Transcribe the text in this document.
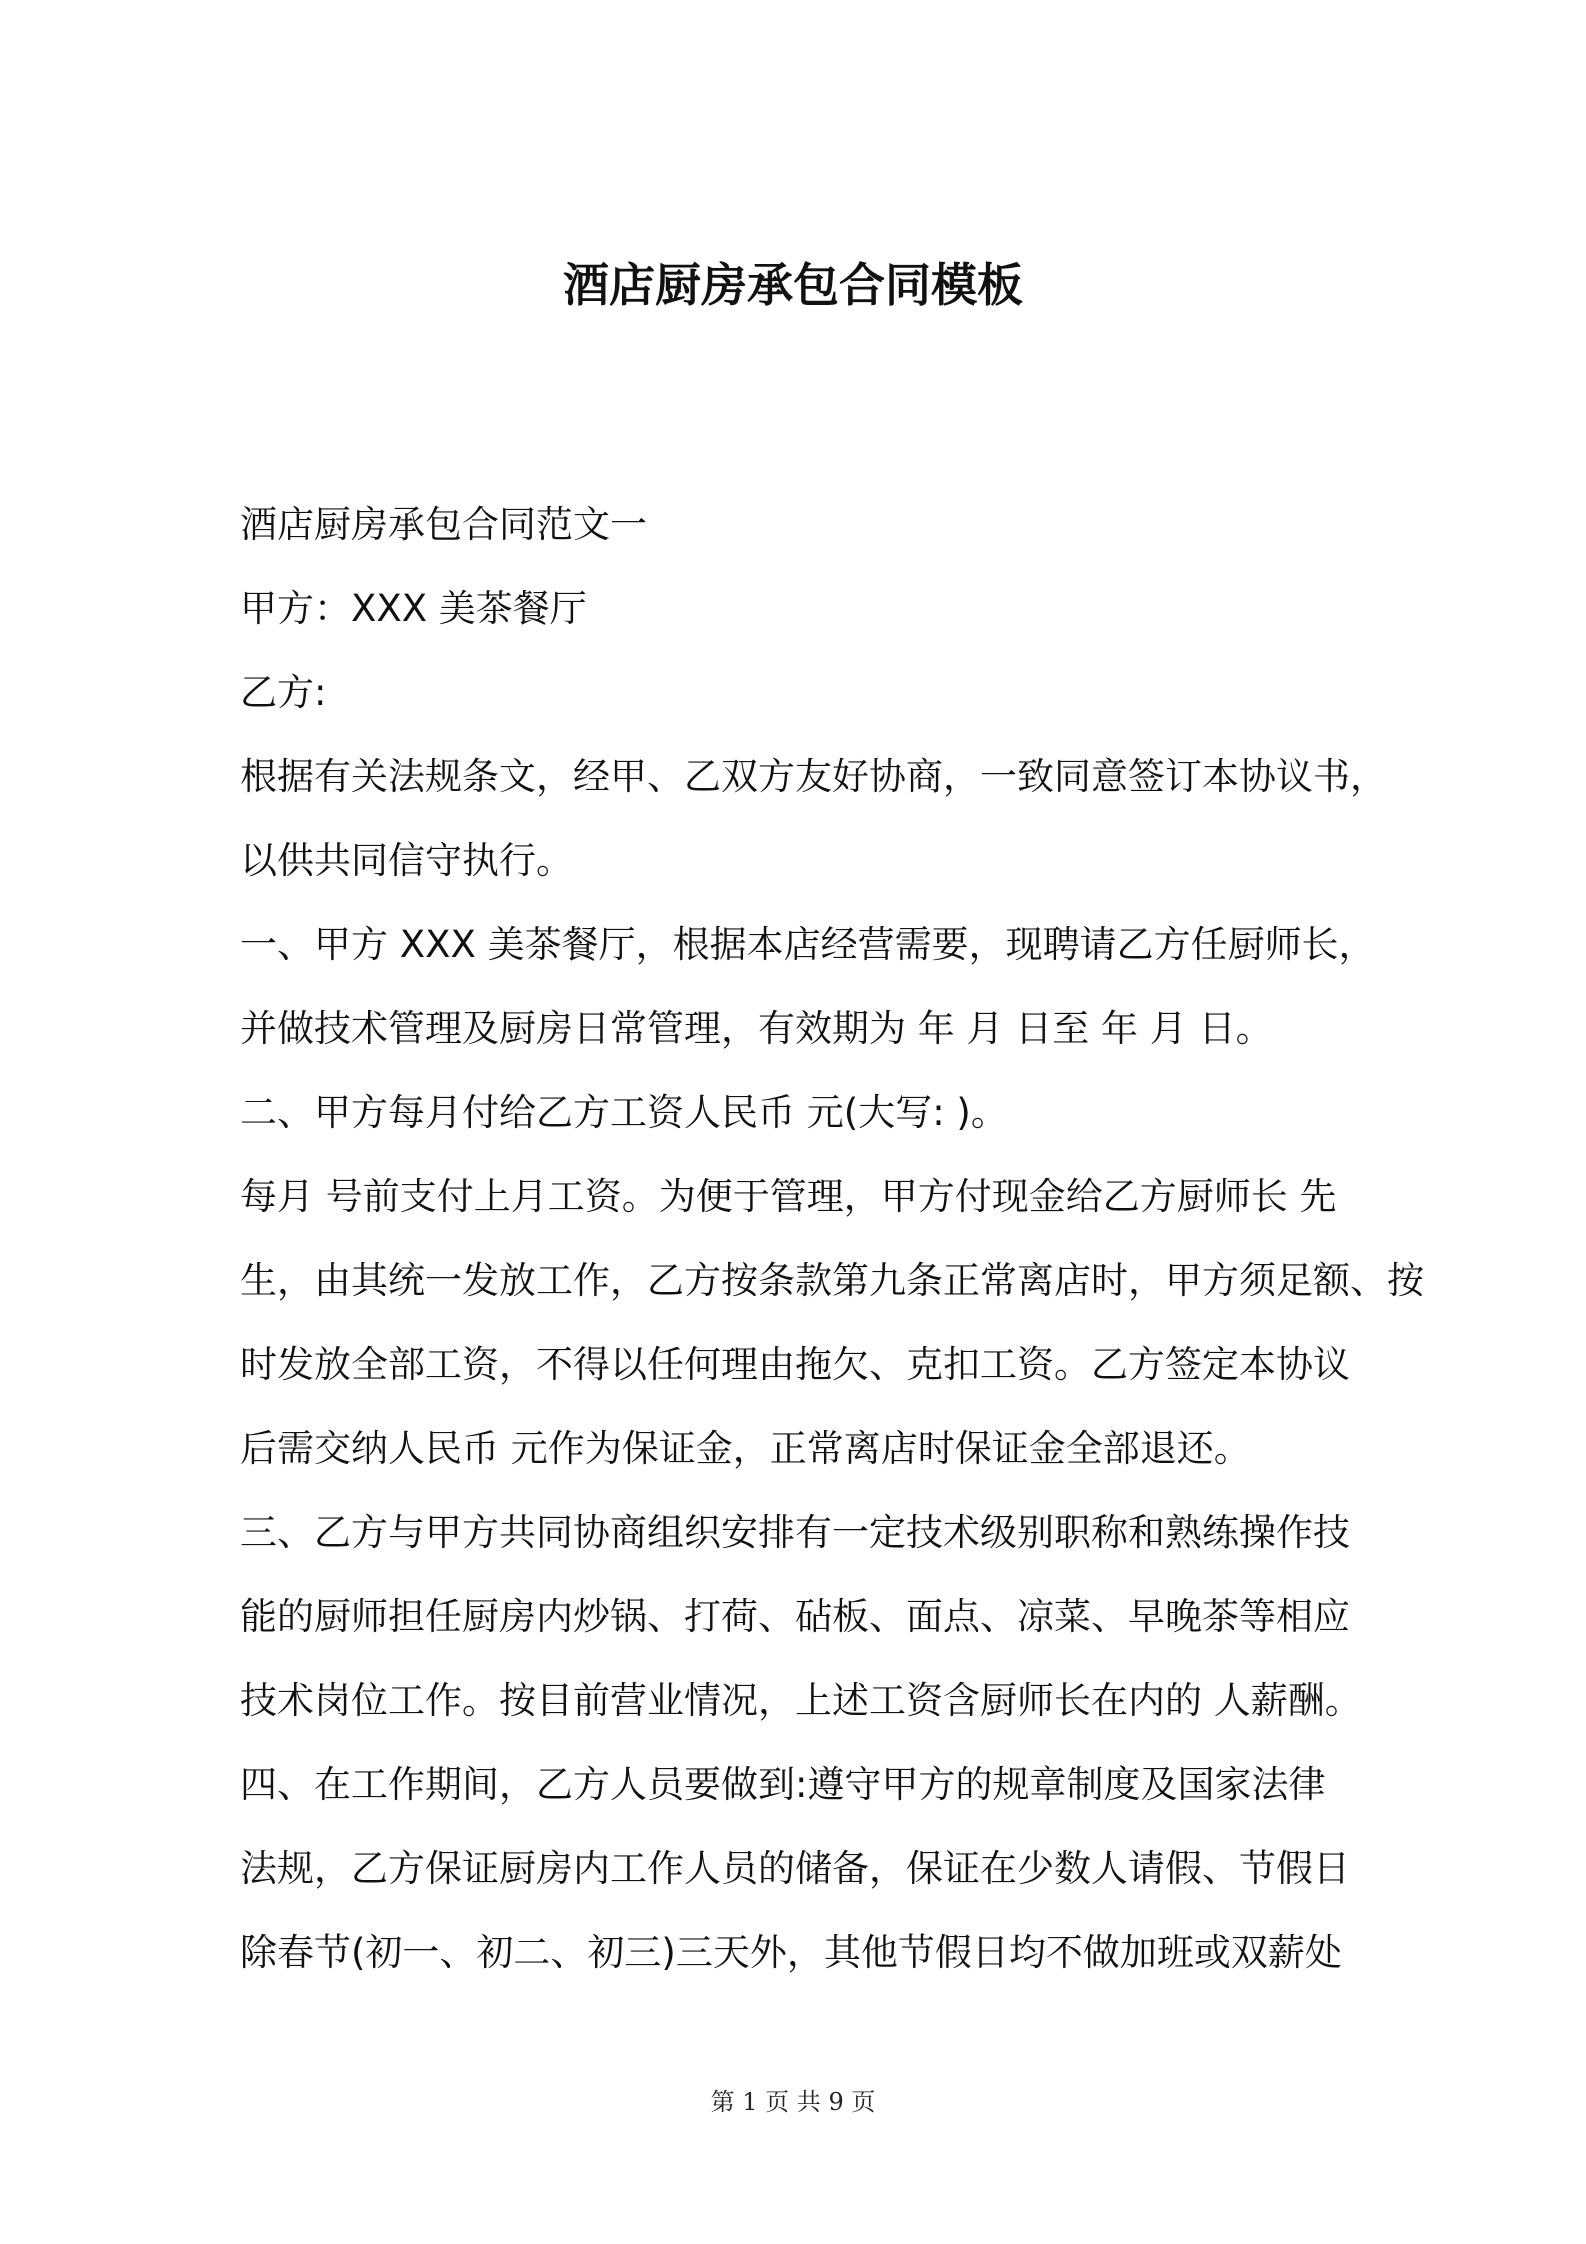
酒店厨房承包合同模板

酒店厨房承包合同范文一

甲方：XXX 美茶餐厅

乙方:

根据有关法规条文，经甲、乙双方友好协商，一致同意签订本协议书，

以供共同信守执行。

一、甲方 XXX 美茶餐厅，根据本店经营需要，现聘请乙方任厨师长，

并做技术管理及厨房日常管理，有效期为 年 月 日至 年 月 日。

二、甲方每月付给乙方工资人民币 元(大写: )。

每月 号前支付上月工资。为便于管理，甲方付现金给乙方厨师长 先

生，由其统一发放工作，乙方按条款第九条正常离店时，甲方须足额、按

时发放全部工资，不得以任何理由拖欠、克扣工资。乙方签定本协议

后需交纳人民币 元作为保证金，正常离店时保证金全部退还。

三、乙方与甲方共同协商组织安排有一定技术级别职称和熟练操作技

能的厨师担任厨房内炒锅、打荷、砧板、面点、凉菜、早晚茶等相应

技术岗位工作。按目前营业情况，上述工资含厨师长在内的 人薪酬。

四、在工作期间，乙方人员要做到:遵守甲方的规章制度及国家法律

法规，乙方保证厨房内工作人员的储备，保证在少数人请假、节假日

除春节(初一、初二、初三)三天外，其他节假日均不做加班或双薪处

第 1 页 共 9 页
